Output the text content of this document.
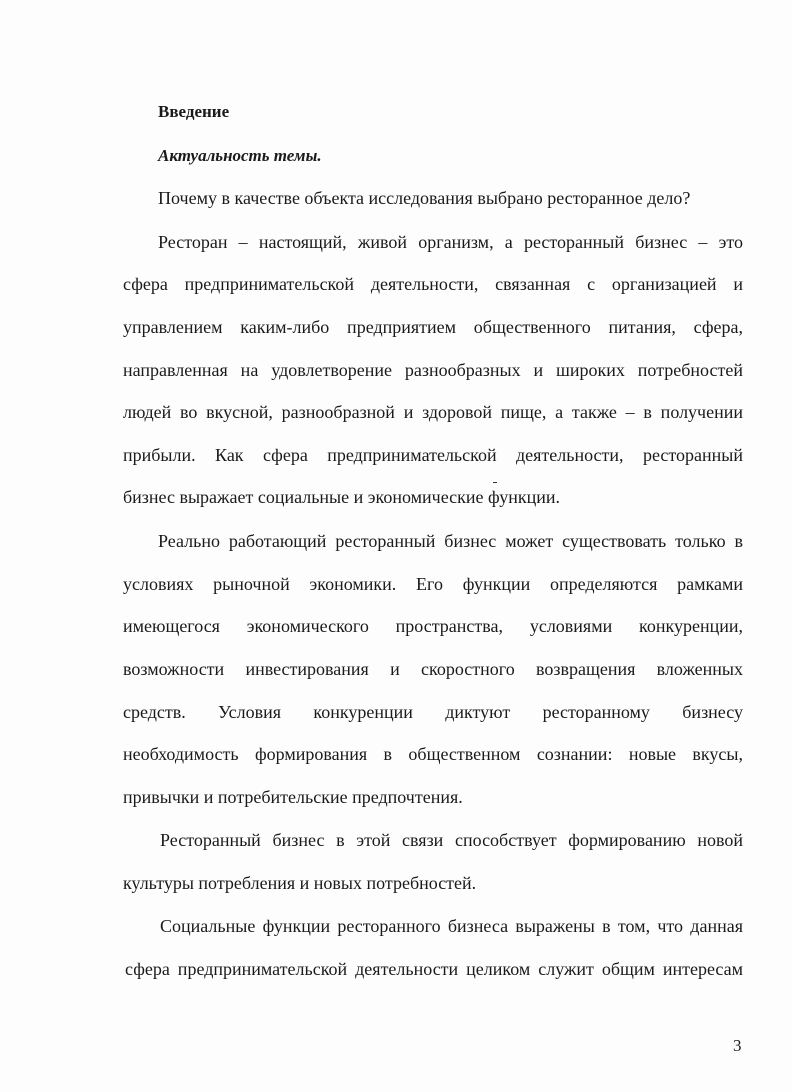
Введение
Актуальность темы.
Почему в качестве объекта исследования выбрано ресторанное дело?
Ресторан – настоящий, живой организм, а ресторанный бизнес – это
сфера предпринимательской деятельности, связанная с организацией и
управлением каким-либо предприятием общественного питания, сфера,
направленная на удовлетворение разнообразных и широких потребностей
людей во вкусной, разнообразной и здоровой пище, а также – в получении
прибыли. Как сфера предпринимательской деятельности, ресторанный
бизнес выражает социальные и экономические функции.
Реально работающий ресторанный бизнес может существовать только в
условиях рыночной экономики. Его функции определяются рамками
имеющегося экономического пространства, условиями конкуренции,
возможности инвестирования и скоростного возвращения вложенных
средств. Условия конкуренции диктуют ресторанному бизнесу
необходимость формирования в общественном сознании: новые вкусы,
привычки и потребительские предпочтения.
Ресторанный бизнес в этой связи способствует формированию новой
культуры потребления и новых потребностей.
Социальные функции ресторанного бизнеса выражены в том, что данная
сфера предпринимательской деятельности целиком служит общим интересам
3
